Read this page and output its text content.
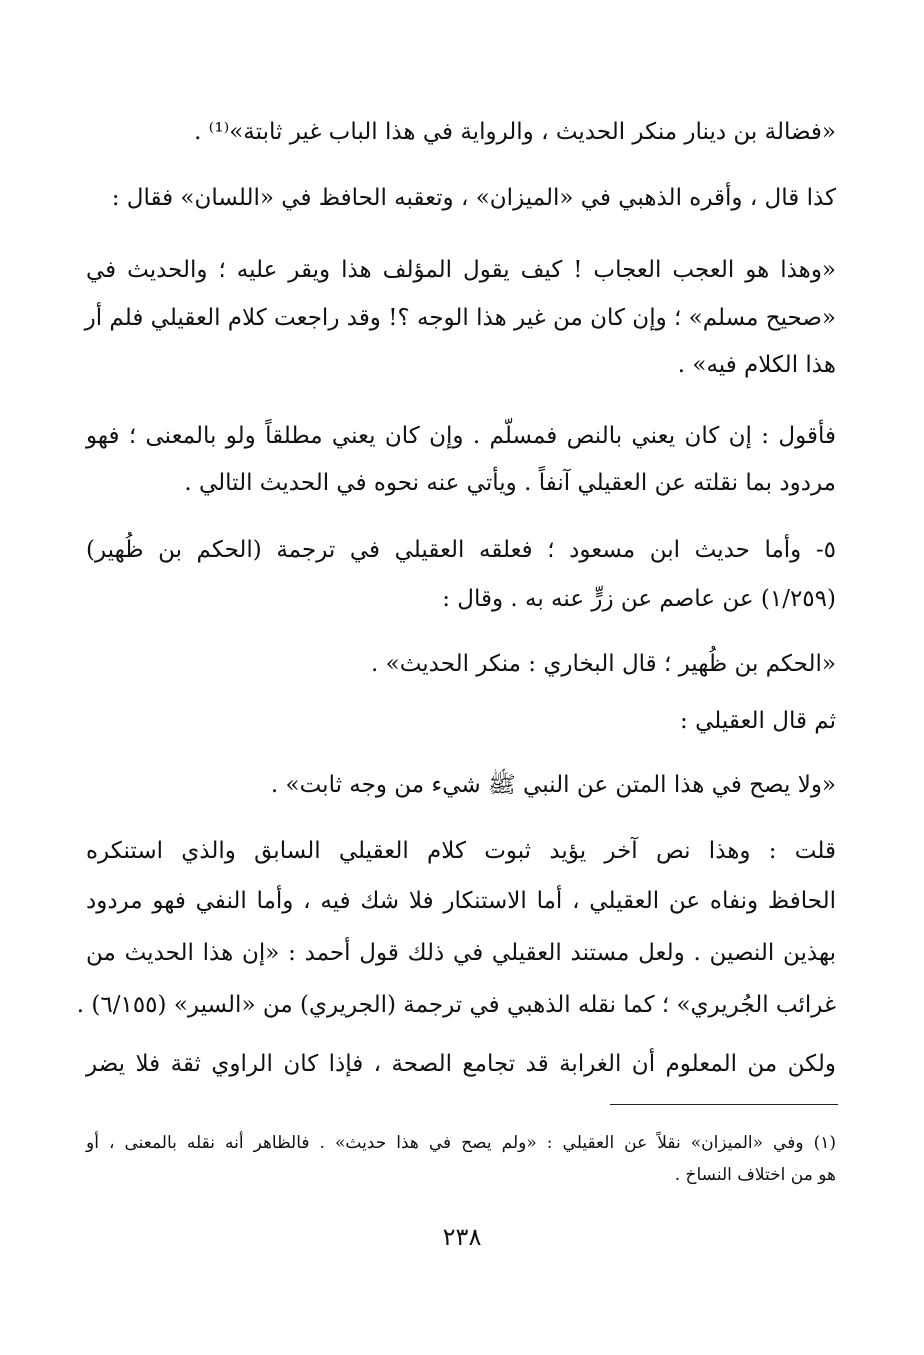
«فضالة بن دينار منكر الحديث ، والرواية في هذا الباب غير ثابتة»⁽¹⁾ .
كذا قال ، وأقره الذهبي في «الميزان» ، وتعقبه الحافظ في «اللسان» فقال :
«وهذا هو العجب العجاب ! كيف يقول المؤلف هذا ويقر عليه ؛ والحديث في
«صحيح مسلم» ؛ وإن كان من غير هذا الوجه ؟! وقد راجعت كلام العقيلي فلم أر
هذا الكلام فيه» .
فأقول : إن كان يعني بالنص فمسلّم . وإن كان يعني مطلقاً ولو بالمعنى ؛ فهو
مردود بما نقلته عن العقيلي آنفاً . ويأتي عنه نحوه في الحديث التالي .
٥- وأما حديث ابن مسعود ؛ فعلقه العقيلي في ترجمة (الحكم بن ظُهير)
(١/٢٥٩) عن عاصم عن زرٍّ عنه به . وقال :
«الحكم بن ظُهير ؛ قال البخاري : منكر الحديث» .
ثم قال العقيلي :
«ولا يصح في هذا المتن عن النبي ﷺ شيء من وجه ثابت» .
قلت : وهذا نص آخر يؤيد ثبوت كلام العقيلي السابق والذي استنكره
الحافظ ونفاه عن العقيلي ، أما الاستنكار فلا شك فيه ، وأما النفي فهو مردود
بهذين النصين . ولعل مستند العقيلي في ذلك قول أحمد : «إن هذا الحديث من
غرائب الجُريري» ؛ كما نقله الذهبي في ترجمة (الجريري) من «السير» (٦/١٥٥) .
ولكن من المعلوم أن الغرابة قد تجامع الصحة ، فإذا كان الراوي ثقة فلا يضر
(١) وفي «الميزان» نقلاً عن العقيلي : «ولم يصح في هذا حديث» . فالظاهر أنه نقله بالمعنى ، أو
هو من اختلاف النساخ .
٢٣٨
